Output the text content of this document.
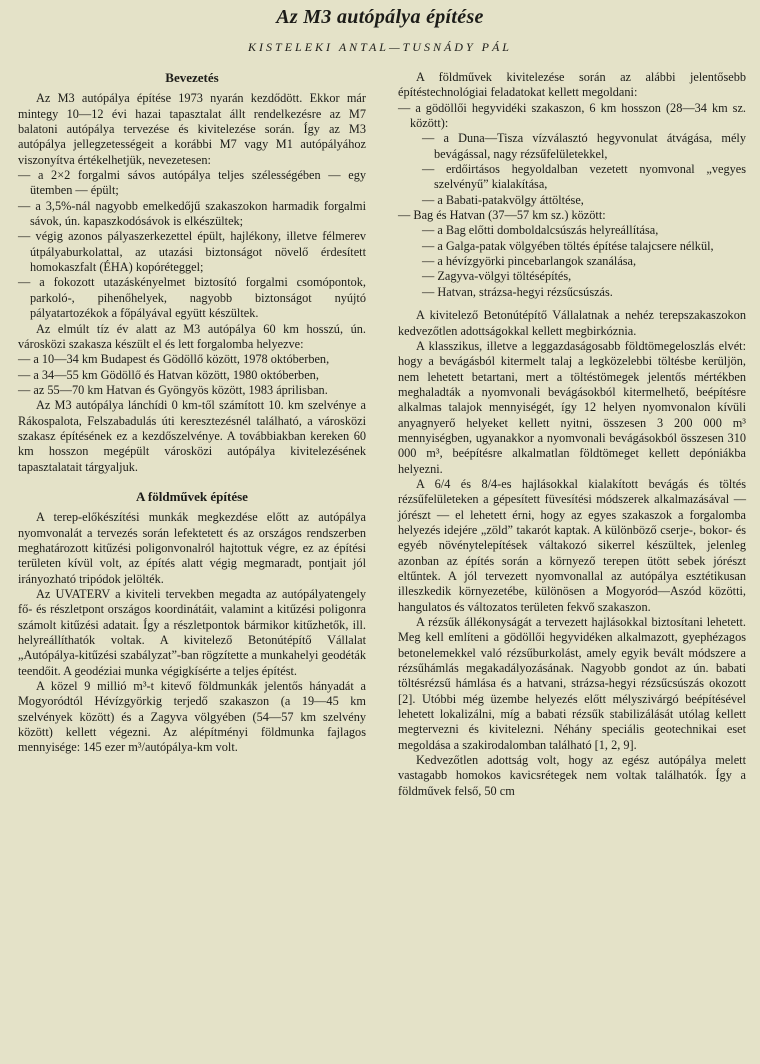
Az M3 autópálya építése
KISTELEKI ANTAL—TUSNÁDY PÁL
Bevezetés

Az M3 autópálya építése 1973 nyarán kezdődött. Ekkor már mintegy 10—12 évi hazai tapasztalat állt rendelkezésre az M7 balatoni autópálya tervezése és kivitelezése során. Így az M3 autópálya jellegzetességeit a korábbi M7 vagy M1 autópályához viszonyítva értékelhetjük, nevezetesen:

— a 2×2 forgalmi sávos autópálya teljes szélességében — egy ütemben — épült;

— a 3,5%-nál nagyobb emelkedőjű szakaszokon harmadik forgalmi sávok, ún. kapaszkodósávok is elkészültek;

— végig azonos pályaszerkezettel épült, hajlékony, illetve félmerev útpályaburkolattal, az utazási biztonságot növelő érdesített homokaszfalt (ÉHA) kopóréteggel;

— a fokozott utazáskényelmet biztosító forgalmi csomópontok, parkoló-, pihenőhelyek, nagyobb biztonságot nyújtó pályatartozékok a főpályával együtt készültek.

Az elmúlt tíz év alatt az M3 autópálya 60 km hosszú, ún. városközi szakasza készült el és lett forgalomba helyezve:

— a 10—34 km Budapest és Gödöllő között, 1978 októberben,

— a 34—55 km Gödöllő és Hatvan között, 1980 októberben,

— az 55—70 km Hatvan és Gyöngyös között, 1983 áprilisban.

Az M3 autópálya lánchídi 0 km-től számított 10. km szelvénye a Rákospalota, Felszabadulás úti keresztezésnél található, a városközi szakasz építésének ez a kezdőszelvénye. A továbbiakban kereken 60 km hosszon megépült városközi autópálya kivitelezésének tapasztalatait tárgyaljuk.

A földművek építése

A terep-előkészítési munkák megkezdése előtt az autópálya nyomvonalát a tervezés során lefektetett és az országos rendszerben meghatározott kitűzési poligonvonalról hajtottuk végre, ez az építési területen kívül volt, az építés alatt végig megmaradt, pontjait jól irányozható tripódok jelölték.

Az UVATERV a kiviteli tervekben megadta az autópályatengely fő- és részletpont országos koordinátáit, valamint a kitűzési poligonra számolt kitűzési adatait. Így a részletpontok bármikor kitűzhetők, ill. helyreállíthatók voltak. A kivitelező Betonútépítő Vállalat „Autópálya-kitűzési szabályzat”-ban rögzítette a munkahelyi geodéták teendőit. A geodéziai munka végigkísérte a teljes építést.

A közel 9 millió m³-t kitevő földmunkák jelentős hányadát a Mogyoródtól Hévízgyörkig terjedő szakaszon (a 19—45 km szelvények között) és a Zagyva völgyében (54—57 km szelvény között) kellett végezni. Az alépítményi földmunka fajlagos mennyisége: 145 ezer m³/autópálya-km volt.

A földművek kivitelezése során az alábbi jelentősebb építéstechnológiai feladatokat kellett megoldani:

— a gödöllői hegyvidéki szakaszon, 6 km hosszon (28—34 km sz. között):

— a Duna—Tisza vízválasztó hegyvonulat átvágása, mély bevágással, nagy rézsűfelületekkel,

— erdőirtásos hegyoldalban vezetett nyomvonal „vegyes szelvényű” kialakítása,

— a Babati-patakvölgy áttöltése,

— Bag és Hatvan (37—57 km sz.) között:

— a Bag előtti domboldalcsúszás helyreállítása,

— a Galga-patak völgyében töltés építése talajcsere nélkül,

— a hévízgyörki pincebarlangok szanálása,

— Zagyva-völgyi töltésépítés,

— Hatvan, strázsa-hegyi rézsűcsúszás.

A kivitelező Betonútépítő Vállalatnak a nehéz terepszakaszokon kedvezőtlen adottságokkal kellett megbirkóznia.

A klasszikus, illetve a leggazdaságosabb földtömegeloszlás elvét: hogy a bevágásból kitermelt talaj a legközelebbi töltésbe kerüljön, nem lehetett betartani, mert a töltéstömegek jelentős mértékben meghaladták a nyomvonali bevágásokból kitermelhető, beépítésre alkalmas talajok mennyiségét, így 12 helyen nyomvonalon kívüli anyagnyerő helyeket kellett nyitni, összesen 3 200 000 m³ mennyiségben, ugyanakkor a nyomvonali bevágásokból összesen 310 000 m³, beépítésre alkalmatlan földtömeget kellett depóniákba helyezni.

A 6/4 és 8/4-es hajlásokkal kialakított bevágás és töltés rézsűfelületeken a gépesített füvesítési módszerek alkalmazásával — jórészt — el lehetett érni, hogy az egyes szakaszok a forgalomba helyezés idejére „zöld” takarót kaptak. A különböző cserje-, bokor- és egyéb növénytelepítések váltakozó sikerrel készültek, jelenleg azonban az építés során a környező terepen ütött sebek jórészt eltűntek. A jól tervezett nyomvonallal az autópálya esztétikusan illeszkedik környezetébe, különösen a Mogyoród—Aszód közötti, hangulatos és változatos területen fekvő szakaszon.

A rézsűk állékonyságát a tervezett hajlásokkal biztosítani lehetett. Meg kell említeni a gödöllői hegyvidéken alkalmazott, gyephézagos betonelemekkel való rézsűburkolást, amely egyik bevált módszere a rézsűhámlás megakadályozásának. Nagyobb gondot az ún. babati töltésrézsű hámlása és a hatvani, strázsa-hegyi rézsűcsúszás okozott [2]. Utóbbi még üzembe helyezés előtt mélyszivárgó beépítésével lehetett lokalizálni, míg a babati rézsűk stabilizálását utólag kellett megtervezni és kivitelezni. Néhány speciális geotechnikai eset megoldása a szakirodalomban található [1, 2, 9].

Kedvezőtlen adottság volt, hogy az egész autópálya melett vastagabb homokos kavicsrétegek nem voltak találhatók. Így a földművek felső, 50 cm
